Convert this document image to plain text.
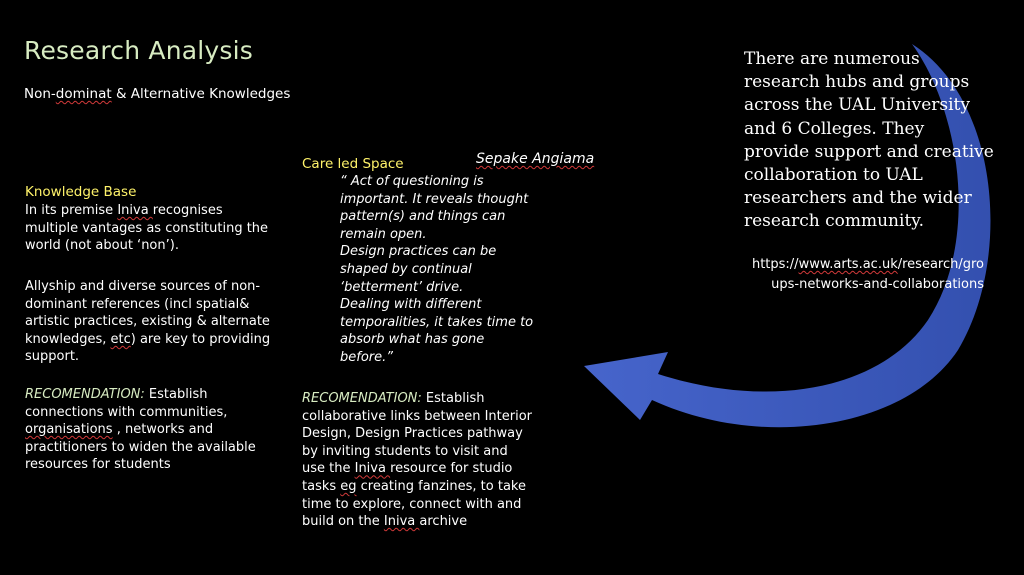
Research Analysis
Non-dominat & Alternative Knowledges
Knowledge Base
In its premise Iniva recognises multiple vantages as constituting the world (not about ‘non’).
Allyship and diverse sources of non-dominant references (incl spatial& artistic practices, existing & alternate knowledges, etc) are key to providing support.
RECOMENDATION: Establish connections with communities, organisations , networks and practitioners to widen the available resources for students
Care led Space	Sepake Angiama
“ Act of questioning is important. It reveals thought pattern(s) and things can remain open.
Design practices can be shaped by continual ‘betterment’ drive.
Dealing with different temporalities, it takes time to absorb what has gone before.”
RECOMENDATION: Establish collaborative links between Interior Design, Design Practices pathway by inviting students to visit and use the Iniva resource for studio tasks eg creating fanzines, to take time to explore, connect with and build on the Iniva archive
There are numerous research hubs and groups across the UAL University and 6 Colleges. They provide support and creative collaboration to UAL researchers and the wider research community.
https://www.arts.ac.uk/research/gro
ups-networks-and-collaborations
